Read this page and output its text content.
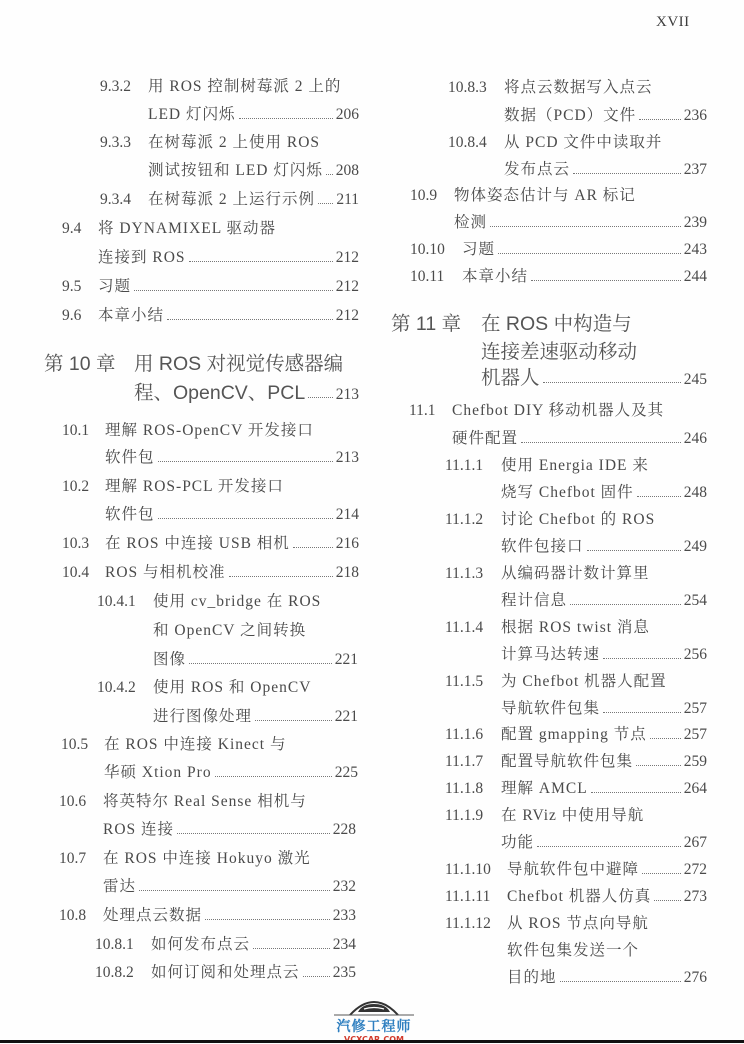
XVII
9.3.2	用 ROS 控制树莓派 2 上的
LED 灯闪烁	206
9.3.3	在树莓派 2 上使用 ROS
测试按钮和 LED 灯闪烁 208
9.3.4	在树莓派 2 上运行示例 211
9.4	将 DYNAMIXEL 驱动器
连接到 ROS	212
9.5	习题	212
9.6	本章小结	212
第 10 章 用 ROS 对视觉传感器编
程、OpenCV、PCL 213
10.1	理解 ROS-OpenCV 开发接口
软件包	213
10.2	理解 ROS-PCL 开发接口
软件包	214
10.3	在 ROS 中连接 USB 相机	216
10.4	ROS 与相机校准	218
10.4.1	使用 cv_bridge 在 ROS
和 OpenCV 之间转换
图像	221
10.4.2	使用 ROS 和 OpenCV
进行图像处理	221
10.5	在 ROS 中连接 Kinect 与
华硕 Xtion Pro	225
10.6	将英特尔 Real Sense 相机与
ROS 连接	228
10.7	在 ROS 中连接 Hokuyo 激光
雷达	232
10.8	处理点云数据	233
10.8.1	如何发布点云	234
10.8.2	如何订阅和处理点云 235
10.8.3	将点云数据写入点云
数据（PCD）文件	236
10.8.4	从 PCD 文件中读取并
发布点云	237
10.9	物体姿态估计与 AR 标记
检测	239
10.10	习题	243
10.11	本章小结	244
第 11 章	在 ROS 中构造与
连接差速驱动移动
机器人	245
11.1	Chefbot DIY 移动机器人及其
硬件配置	246
11.1.1	使用 Energia IDE 来
烧写 Chefbot 固件	248
11.1.2	讨论 Chefbot 的 ROS
软件包接口	249
11.1.3	从编码器计数计算里
程计信息	254
11.1.4	根据 ROS twist 消息
计算马达转速	256
11.1.5	为 Chefbot 机器人配置
导航软件包集	257
11.1.6	配置 gmapping 节点 257
11.1.7	配置导航软件包集	259
11.1.8	理解 AMCL	264
11.1.9	在 RViz 中使用导航
功能	267
11.1.10	导航软件包中避障	272
11.1.11	Chefbot 机器人仿真 273
11.1.12	从 ROS 节点向导航
软件包集发送一个
目的地	276
汽修工程师
